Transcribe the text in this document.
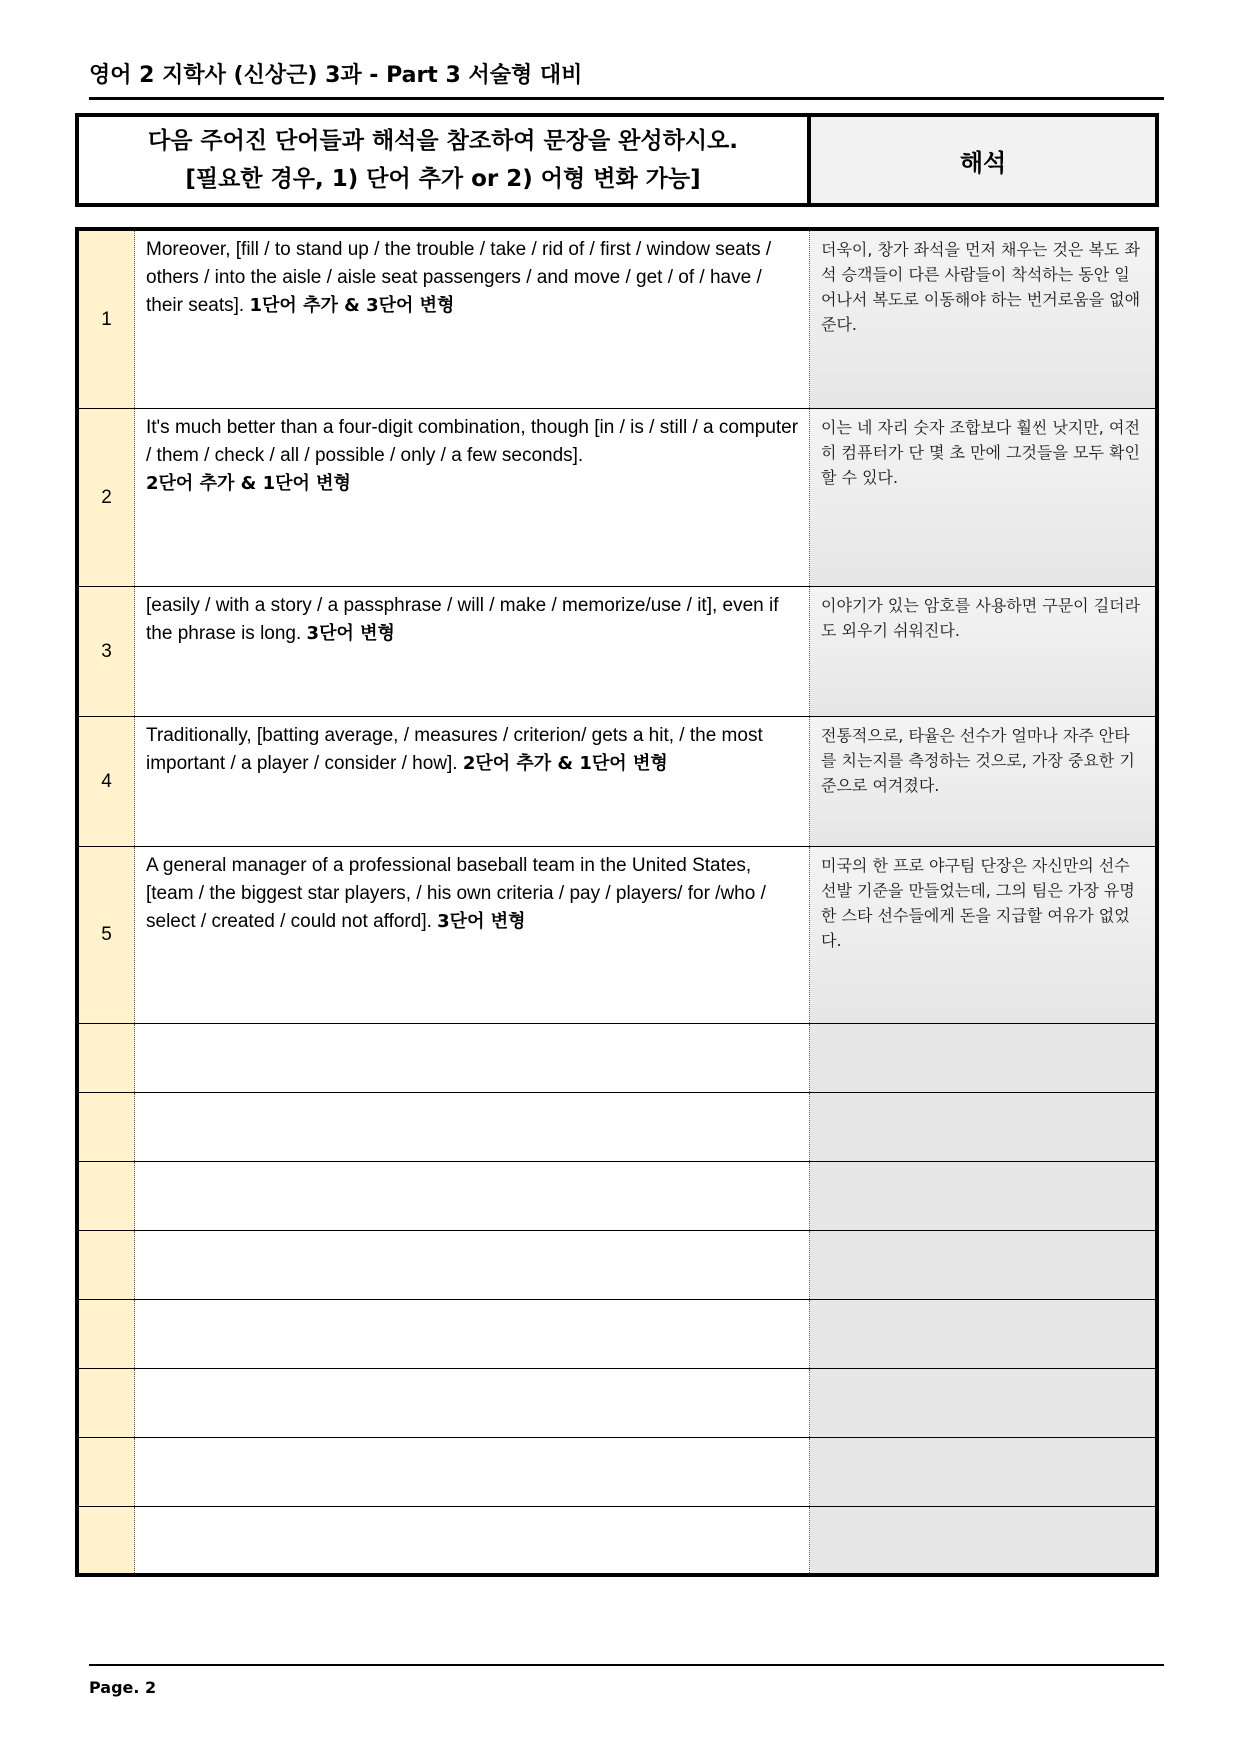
영어 2 지학사 (신상근) 3과 - Part 3 서술형 대비
다음 주어진 단어들과 해석을 참조하여 문장을 완성하시오.
[필요한 경우, 1) 단어 추가 or 2) 어형 변화 가능]
해석
1
Moreover, [fill / to stand up / the trouble / take / rid of / first / window seats / others / into the aisle / aisle seat passengers / and move / get / of / have / their seats]. 1단어 추가 & 3단어 변형
더욱이, 창가 좌석을 먼저 채우는 것은 복도 좌석 승객들이 다른 사람들이 착석하는 동안 일어나서 복도로 이동해야 하는 번거로움을 없애준다.
2
It's much better than a four-digit combination, though [in / is / still / a computer / them / check / all / possible / only / a few seconds].
2단어 추가 & 1단어 변형
이는 네 자리 숫자 조합보다 훨씬 낫지만, 여전히 컴퓨터가 단 몇 초 만에 그것들을 모두 확인할 수 있다.
3
[easily / with a story / a passphrase / will / make / memorize/use / it], even if the phrase is long. 3단어 변형
이야기가 있는 암호를 사용하면 구문이 길더라도 외우기 쉬워진다.
4
Traditionally, [batting average, / measures / criterion/ gets a hit, / the most important / a player / consider / how]. 2단어 추가 & 1단어 변형
전통적으로, 타율은 선수가 얼마나 자주 안타를 치는지를 측정하는 것으로, 가장 중요한 기준으로 여겨졌다.
5
A general manager of a professional baseball team in the United States, [team / the biggest star players, / his own criteria / pay / players/ for /who / select / created / could not afford]. 3단어 변형
미국의 한 프로 야구팀 단장은 자신만의 선수 선발 기준을 만들었는데, 그의 팀은 가장 유명한 스타 선수들에게 돈을 지급할 여유가 없었다.
Page. 2
